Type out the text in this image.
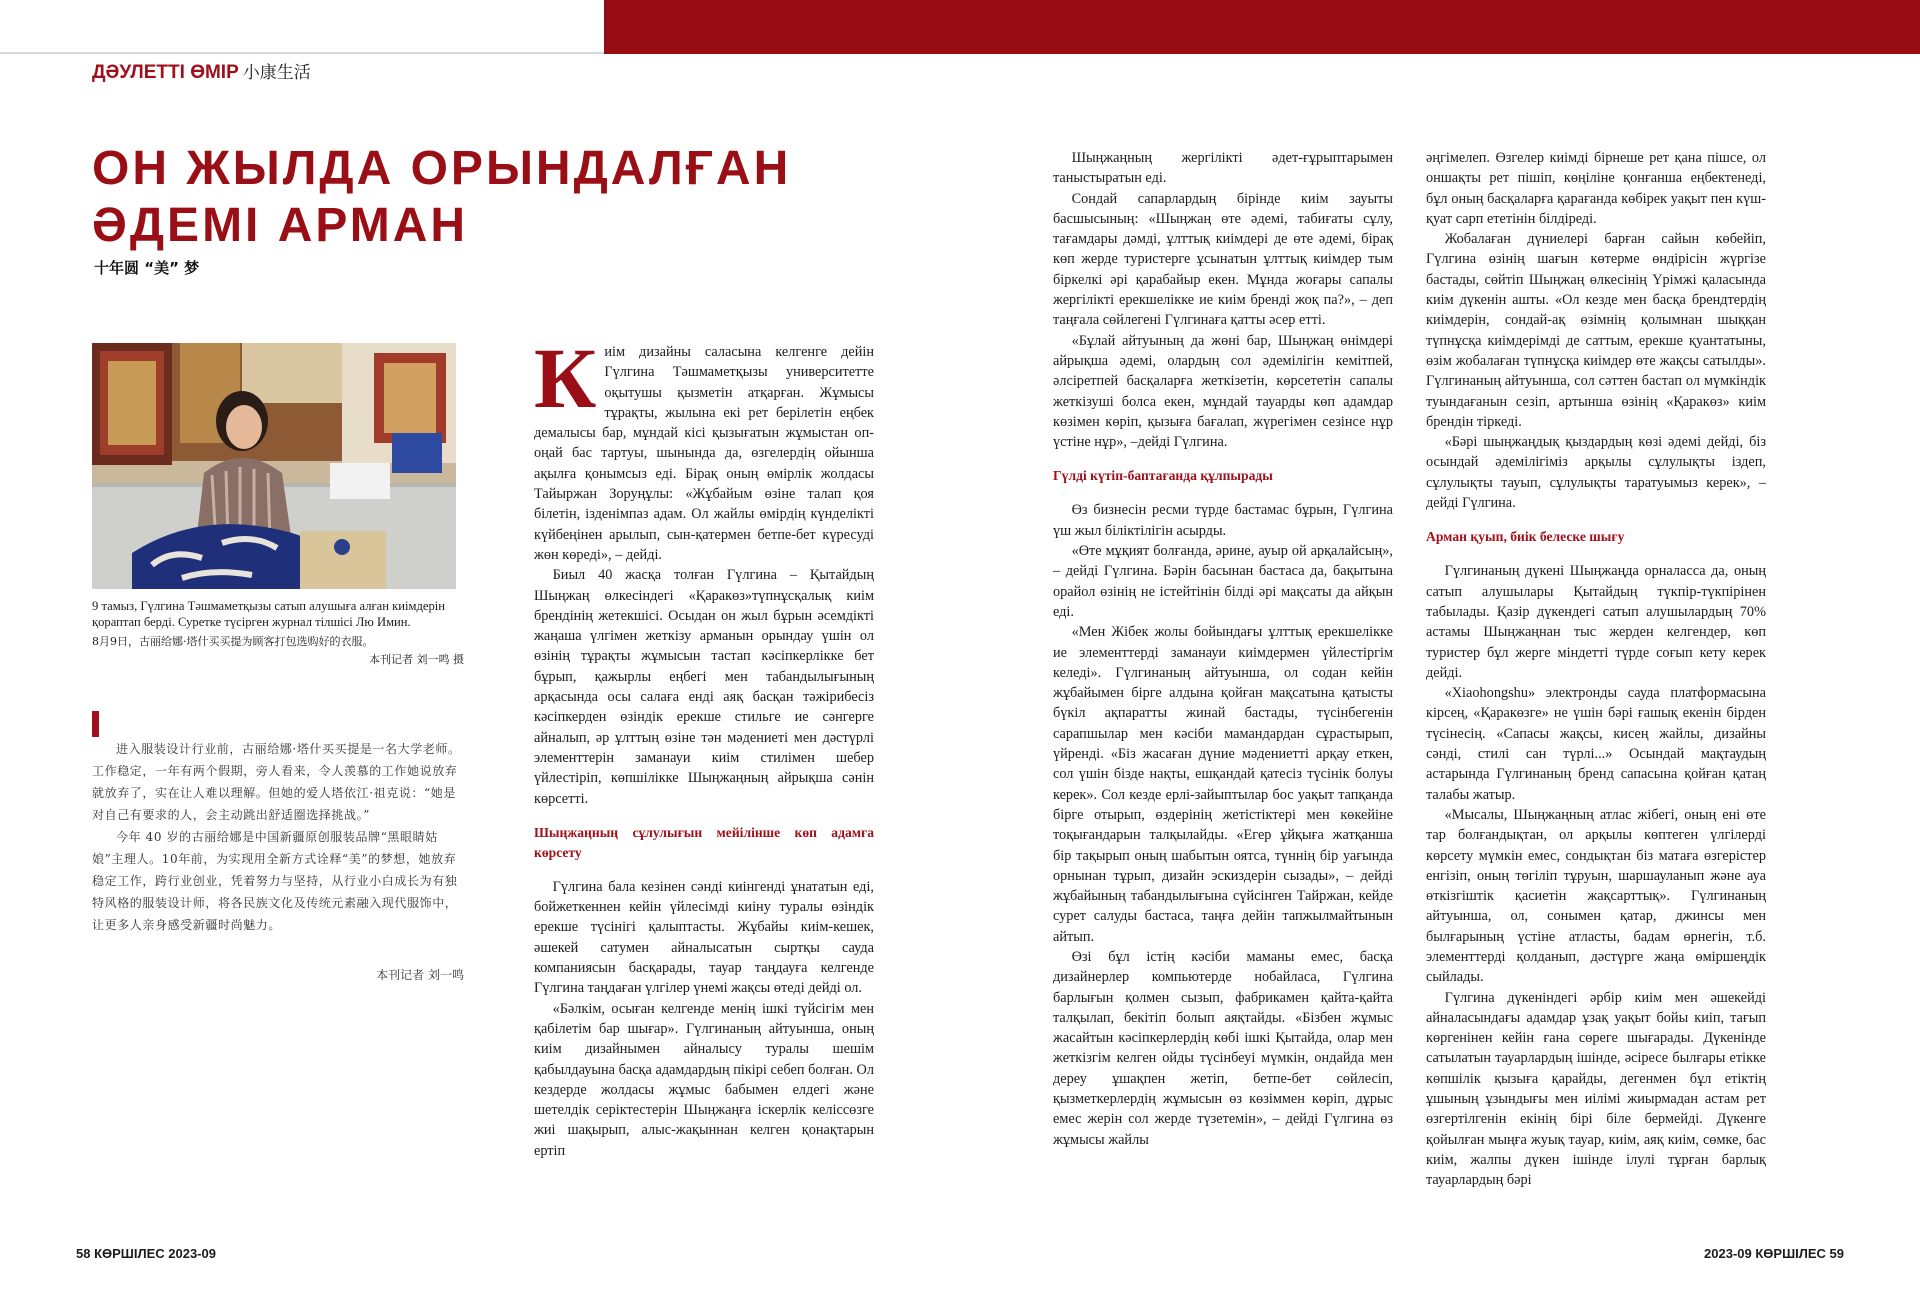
ДӘУЛЕТТІ ӨМІР 小康生活
ОН ЖЫЛДА ОРЫНДАЛҒАН ӘДЕМІ АРМАН
十年圆 “美” 梦
9 тамыз, Гүлгина Тәшмаметқызы сатып алушыға алған киімдерін қораптап берді. Суретке түсірген журнал тілшісі Лю Имин.
8月9日，古丽给娜·塔什买买提为顾客打包选购好的衣服。
本刊记者 刘一鸣 摄

进入服装设计行业前，古丽给娜·塔什买买提是一名大学老师。工作稳定，一年有两个假期，旁人看来，令人羡慕的工作她说放弃就放弃了，实在让人难以理解。但她的爱人塔依江·祖克说：“她是对自己有要求的人，会主动跳出舒适圈选择挑战。”

今年 40 岁的古丽给娜是中国新疆原创服装品牌“黑眼睛姑娘”主理人。10年前，为实现用全新方式诠释“美”的梦想，她放弃稳定工作，跨行业创业，凭着努力与坚持，从行业小白成长为有独特风格的服装设计师，将各民族文化及传统元素融入现代服饰中，让更多人亲身感受新疆时尚魅力。

本刊记者 刘一鸣

Киім дизайны саласына келгенге дейін Гүлгина Тәшмаметқызы университетте оқытушы қызметін атқарған. Жұмысы тұрақты, жылына екі рет берілетін еңбек демалысы бар, мұндай кісі қызығатын жұмыстан оп-оңай бас тартуы, шынында да, өзгелердің ойынша ақылға қонымсыз еді. Бірақ оның өмірлік жолдасы Тайыржан Зоруңұлы: «Жұбайым өзіне талап қоя білетін, ізденімпаз адам. Ол жайлы өмірдің күнделікті күйбеңінен арылып, сын-қатермен бетпе-бет күресуді жөн көреді», – дейді.

Биыл 40 жасқа толған Гүлгина – Қытайдың Шыңжаң өлкесіндегі «Қаракөз»түпнұсқалық киім брендінің жетекшісі. Осыдан он жыл бұрын әсемдікті жаңаша үлгімен жеткізу арманын орындау үшін ол өзінің тұрақты жұмысын тастап кәсіпкерлікке бет бұрып, қажырлы еңбегі мен табандылығының арқасында осы салаға енді аяқ басқан тәжірибесіз кәсіпкерден өзіндік ерекше стильге ие сәнгерге айналып, әр ұлттың өзіне тән мәдениеті мен дәстүрлі элементтерін заманауи киім стилімен шебер үйлестіріп, көпшілікке Шыңжаңның айрықша сәнін көрсетті.

Шыңжаңның сұлулығын мейілінше көп адамға көрсету

Гүлгина бала кезінен сәнді киінгенді ұнататын еді, бойжеткеннен кейін үйлесімді киіну туралы өзіндік ерекше түсінігі қалыптасты. Жұбайы киім-кешек, әшекей сатумен айналысатын сыртқы сауда компаниясын басқарады, тауар таңдауға келгенде Гүлгина таңдаған үлгілер үнемі жақсы өтеді дейді ол.

«Бәлкім, осыған келгенде менің ішкі түйсігім мен қабілетім бар шығар». Гүлгинаның айтуынша, оның киім дизайнымен айналысу туралы шешім қабылдауына басқа адамдардың пікірі себеп болған. Ол кездерде жолдасы жұмыс бабымен елдегі және шетелдік серіктестерін Шыңжаңға іскерлік келіссөзге жиі шақырып, алыс-жақыннан келген қонақтарын ертіп

Шыңжаңның жергілікті әдет-ғұрыптарымен таныстыратын еді.

Сондай сапарлардың бірінде киім зауыты басшысының: «Шыңжаң өте әдемі, табиғаты сұлу, тағамдары дәмді, ұлттық киімдері де өте әдемі, бірақ көп жерде туристерге ұсынатын ұлттық киімдер тым біркелкі әрі қарабайыр екен. Мұнда жоғары сапалы жергілікті ерекшелікке ие киім бренді жоқ па?», – деп таңғала сөйлегені Гүлгинаға қатты әсер етті.

«Бұлай айтуының да жөні бар, Шыңжаң өнімдері айрықша әдемі, олардың сол әдемілігін кемітпей, әлсіретпей басқаларға жеткізетін, көрсететін сапалы жеткізуші болса екен, мұндай тауарды көп адамдар көзімен көріп, қызыға бағалап, жүрегімен сезінсе нұр үстіне нұр», –дейді Гүлгина.

Гүлді күтіп-баптағанда құлпырады

Өз бизнесін ресми түрде бастамас бұрын, Гүлгина үш жыл біліктілігін асырды.

«Өте мұқият болғанда, әрине, ауыр ой арқалайсың», – дейді Гүлгина. Бәрін басынан бастаса да, бақытына орайол өзінің не істейтінін білді әрі мақсаты да айқын еді.

«Мен Жібек жолы бойындағы ұлттық ерекшелікке ие элементтерді заманауи киімдермен үйлестіргім келеді». Гүлгинаның айтуынша, ол содан кейін жұбайымен бірге алдына қойған мақсатына қатысты бүкіл ақпаратты жинай бастады, түсінбегенін сарапшылар мен кәсіби мамандардан сұрастырып, үйренді. «Біз жасаған дүние мәдениетті арқау еткен, сол үшін бізде нақты, ешқандай қатесіз түсінік болуы керек». Сол кезде ерлі-зайыптылар бос уақыт тапқанда бірге отырып, өздерінің жетістіктері мен көкейіне тоқығандарын талқылайды. «Егер ұйқыға жатқанша бір тақырып оның шабытын оятса, түннің бір уағында орнынан тұрып, дизайн эскиздерін сызады», – дейді жұбайының табандылығына сүйсінген Тайржан, кейде сурет салуды бастаса, таңға дейін тапжылмайтынын айтып.

Өзі бұл істің кәсіби маманы емес, басқа дизайнерлер компьютерде нобайласа, Гүлгина барлығын қолмен сызып, фабрикамен қайта-қайта талқылап, бекітіп болып аяқтайды. «Бізбен жұмыс жасайтын кәсіпкерлердің көбі ішкі Қытайда, олар мен жеткізгім келген ойды түсінбеуі мүмкін, ондайда мен дереу ұшақпен жетіп, бетпе-бет сөйлесіп, қызметкерлердің жұмысын өз көзіммен көріп, дұрыс емес жерін сол жерде түзетемін», – дейді Гүлгина өз жұмысы жайлы

әңгімелеп. Өзгелер киімді бірнеше рет қана пішсе, ол оншақты рет пішіп, көңіліне қонғанша еңбектенеді, бұл оның басқаларға қарағанда көбірек уақыт пен күш-қуат сарп ететінін білдіреді.

Жобалаған дүниелері барған сайын көбейіп, Гүлгина өзінің шағын көтерме өндірісін жүргізе бастады, сөйтіп Шыңжаң өлкесінің Үрімжі қаласында киім дүкенін ашты. «Ол кезде мен басқа брендтердің киімдерін, сондай-ақ өзімнің қолымнан шыққан түпнұсқа киімдерімді де саттым, ерекше қуантатыны, өзім жобалаған түпнұсқа киімдер өте жақсы сатылды». Гүлгинаның айтуынша, сол сәттен бастап ол мүмкіндік туындағанын сезіп, артынша өзінің «Қаракөз» киім брендін тіркеді.

«Бәрі шыңжаңдық қыздардың көзі әдемі дейді, біз осындай әдемілігіміз арқылы сұлулықты іздеп, сұлулықты тауып, сұлулықты таратуымыз керек», – дейді Гүлгина.

Арман қуып, биік белеске шығу

Гүлгинаның дүкені Шыңжаңда орналасса да, оның сатып алушылары Қытайдың түкпір-түкпірінен табылады. Қазір дүкендегі сатып алушылардың 70% астамы Шыңжаңнан тыс жерден келгендер, көп туристер бұл жерге міндетті түрде соғып кету керек дейді.

«Xiaohongshu» электронды сауда платформасына кірсең, «Қаракөзге» не үшін бәрі ғашық екенін бірден түсінесің. «Сапасы жақсы, кисең жайлы, дизайны сәнді, стилі сан түрлі...» Осындай мақтаудың астарында Гүлгинаның бренд сапасына қойған қатаң талабы жатыр.

«Мысалы, Шыңжаңның атлас жібегі, оның ені өте тар болғандықтан, ол арқылы көптеген үлгілерді көрсету мүмкін емес, сондықтан біз матаға өзгерістер енгізіп, оның төгіліп тұруын, шаршауланып және ауа өткізгіштік қасиетін жақсарттық». Гүлгинаның айтуынша, ол, сонымен қатар, джинсы мен былғарының үстіне атласты, бадам өрнегін, т.б. элементтерді қолданып, дәстүрге жаңа өміршеңдік сыйлады.

Гүлгина дүкеніндегі әрбір киім мен әшекейді айналасындағы адамдар ұзақ уақыт бойы киіп, тағып көргенінен кейін ғана сөреге шығарады. Дүкенінде сатылатын тауарлардың ішінде, әсіресе былғары етікке көпшілік қызыға қарайды, дегенмен бұл етіктің ұшының ұзындығы мен иілімі жиырмадан астам рет өзгертілгенін екінің бірі біле бермейді. Дүкенге қойылған мыңға жуық тауар, киім, аяқ киім, сөмке, бас киім, жалпы дүкен ішінде ілулі тұрған барлық тауарлардың бәрі

58 КӨРШІЛЕС 2023-09	2023-09 КӨРШІЛЕС 59
